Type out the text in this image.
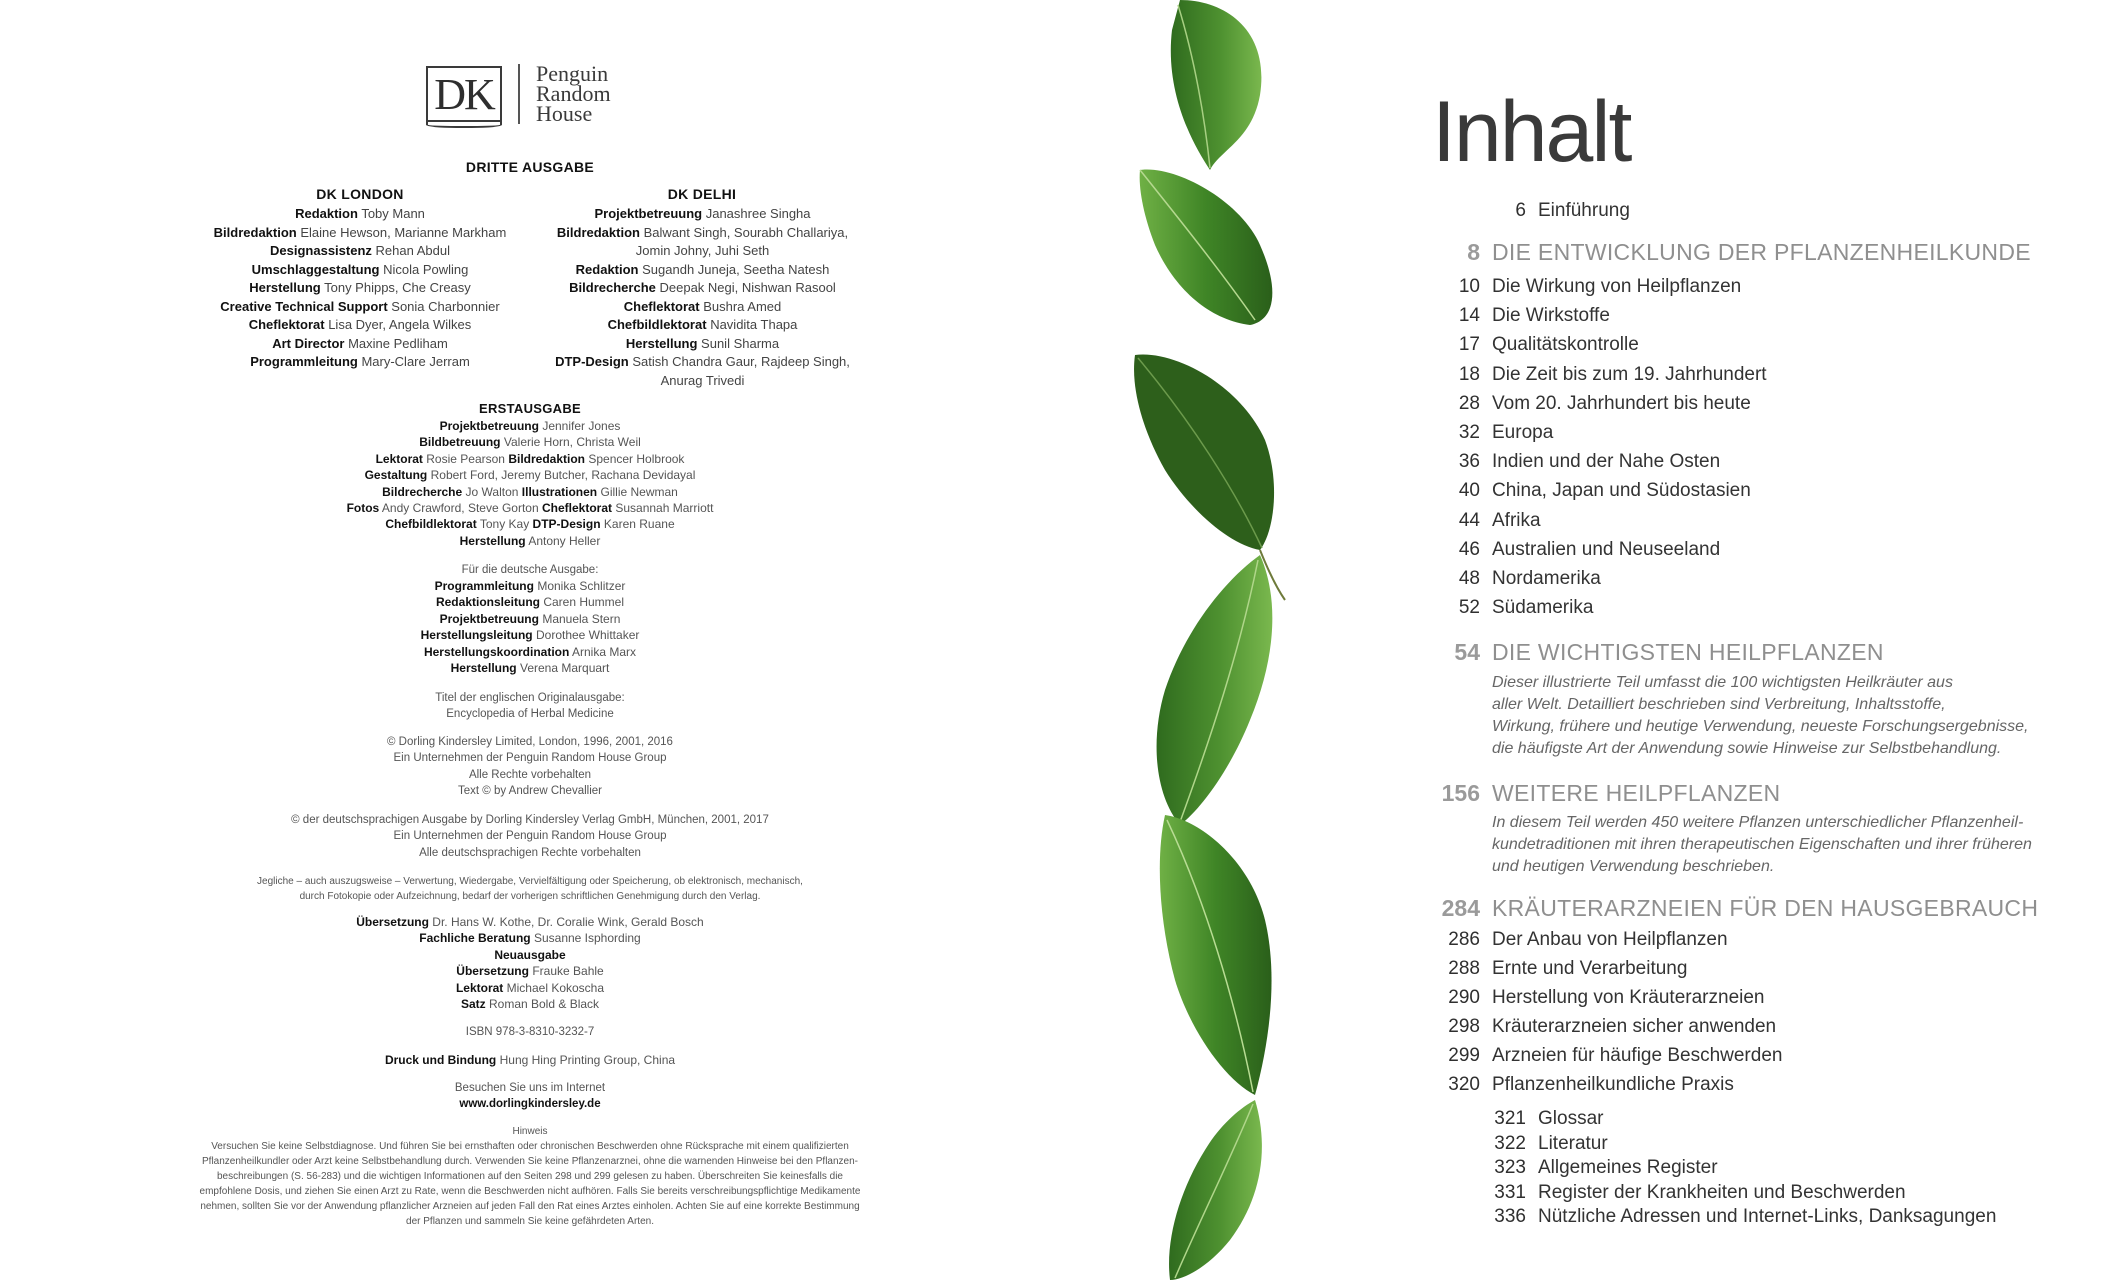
DK Penguin
Random
House
DRITTE AUSGABE
DK LONDON	DK DELHI
Redaktion Toby Mann
Bildredaktion Elaine Hewson, Marianne Markham
Designassistenz Rehan Abdul
Umschlaggestaltung Nicola Powling
Herstellung Tony Phipps, Che Creasy
Creative Technical Support Sonia Charbonnier
Cheflektorat Lisa Dyer, Angela Wilkes
Art Director Maxine Pedliham
Programmleitung Mary-Clare Jerram
Projektbetreuung Janashree Singha
Bildredaktion Balwant Singh, Sourabh Challariya,
Jomin Johny, Juhi Seth
Redaktion Sugandh Juneja, Seetha Natesh
Bildrecherche Deepak Negi, Nishwan Rasool
Cheflektorat Bushra Amed
Chefbildlektorat Navidita Thapa
Herstellung Sunil Sharma
DTP-Design Satish Chandra Gaur, Rajdeep Singh,
Anurag Trivedi
ERSTAUSGABE
Projektbetreuung Jennifer Jones
Bildbetreuung Valerie Horn, Christa Weil
Lektorat Rosie Pearson Bildredaktion Spencer Holbrook
Gestaltung Robert Ford, Jeremy Butcher, Rachana Devidayal
Bildrecherche Jo Walton Illustrationen Gillie Newman
Fotos Andy Crawford, Steve Gorton Cheflektorat Susannah Marriott
Chefbildlektorat Tony Kay DTP-Design Karen Ruane
Herstellung Antony Heller
Für die deutsche Ausgabe:
Programmleitung Monika Schlitzer
Redaktionsleitung Caren Hummel
Projektbetreuung Manuela Stern
Herstellungsleitung Dorothee Whittaker
Herstellungskoordination Arnika Marx
Herstellung Verena Marquart
Titel der englischen Originalausgabe:
Encyclopedia of Herbal Medicine
© Dorling Kindersley Limited, London, 1996, 2001, 2016
Ein Unternehmen der Penguin Random House Group
Alle Rechte vorbehalten
Text © by Andrew Chevallier
© der deutschsprachigen Ausgabe by Dorling Kindersley Verlag GmbH, München, 2001, 2017
Ein Unternehmen der Penguin Random House Group
Alle deutschsprachigen Rechte vorbehalten
Jegliche – auch auszugsweise – Verwertung, Wiedergabe, Vervielfältigung oder Speicherung, ob elektronisch, mechanisch,
durch Fotokopie oder Aufzeichnung, bedarf der vorherigen schriftlichen Genehmigung durch den Verlag.
Übersetzung Dr. Hans W. Kothe, Dr. Coralie Wink, Gerald Bosch
Fachliche Beratung Susanne Isphording
Neuausgabe
Übersetzung Frauke Bahle
Lektorat Michael Kokoscha
Satz Roman Bold & Black
ISBN 978-3-8310-3232-7
Druck und Bindung Hung Hing Printing Group, China
Besuchen Sie uns im Internet
www.dorlingkindersley.de
Hinweis
Versuchen Sie keine Selbstdiagnose. Und führen Sie bei ernsthaften oder chronischen Beschwerden ohne Rücksprache mit einem qualifizierten
Pflanzenheilkundler oder Arzt keine Selbstbehandlung durch. Verwenden Sie keine Pflanzenarznei, ohne die warnenden Hinweise bei den Pflanzen-
beschreibungen (S. 56-283) und die wichtigen Informationen auf den Seiten 298 und 299 gelesen zu haben. Überschreiten Sie keinesfalls die
empfohlene Dosis, und ziehen Sie einen Arzt zu Rate, wenn die Beschwerden nicht aufhören. Falls Sie bereits verschreibungspflichtige Medikamente
nehmen, sollten Sie vor der Anwendung pflanzlicher Arzneien auf jeden Fall den Rat eines Arztes einholen. Achten Sie auf eine korrekte Bestimmung
der Pflanzen und sammeln Sie keine gefährdeten Arten.
Inhalt
6 Einführung
8 DIE ENTWICKLUNG DER PFLANZENHEILKUNDE
10 Die Wirkung von Heilpflanzen
14 Die Wirkstoffe
17 Qualitätskontrolle
18 Die Zeit bis zum 19. Jahrhundert
28 Vom 20. Jahrhundert bis heute
32 Europa
36 Indien und der Nahe Osten
40 China, Japan und Südostasien
44 Afrika
46 Australien und Neuseeland
48 Nordamerika
52 Südamerika
54 DIE WICHTIGSTEN HEILPFLANZEN
Dieser illustrierte Teil umfasst die 100 wichtigsten Heilkräuter aus
aller Welt. Detailliert beschrieben sind Verbreitung, Inhaltsstoffe,
Wirkung, frühere und heutige Verwendung, neueste Forschungsergebnisse,
die häufigste Art der Anwendung sowie Hinweise zur Selbstbehandlung.
156 WEITERE HEILPFLANZEN
In diesem Teil werden 450 weitere Pflanzen unterschiedlicher Pflanzenheil-
kundetraditionen mit ihren therapeutischen Eigenschaften und ihrer früheren
und heutigen Verwendung beschrieben.
284 KRÄUTERARZNEIEN FÜR DEN HAUSGEBRAUCH
286 Der Anbau von Heilpflanzen
288 Ernte und Verarbeitung
290 Herstellung von Kräuterarzneien
298 Kräuterarzneien sicher anwenden
299 Arzneien für häufige Beschwerden
320 Pflanzenheilkundliche Praxis
321 Glossar
322 Literatur
323 Allgemeines Register
331 Register der Krankheiten und Beschwerden
336 Nützliche Adressen und Internet-Links, Danksagungen
